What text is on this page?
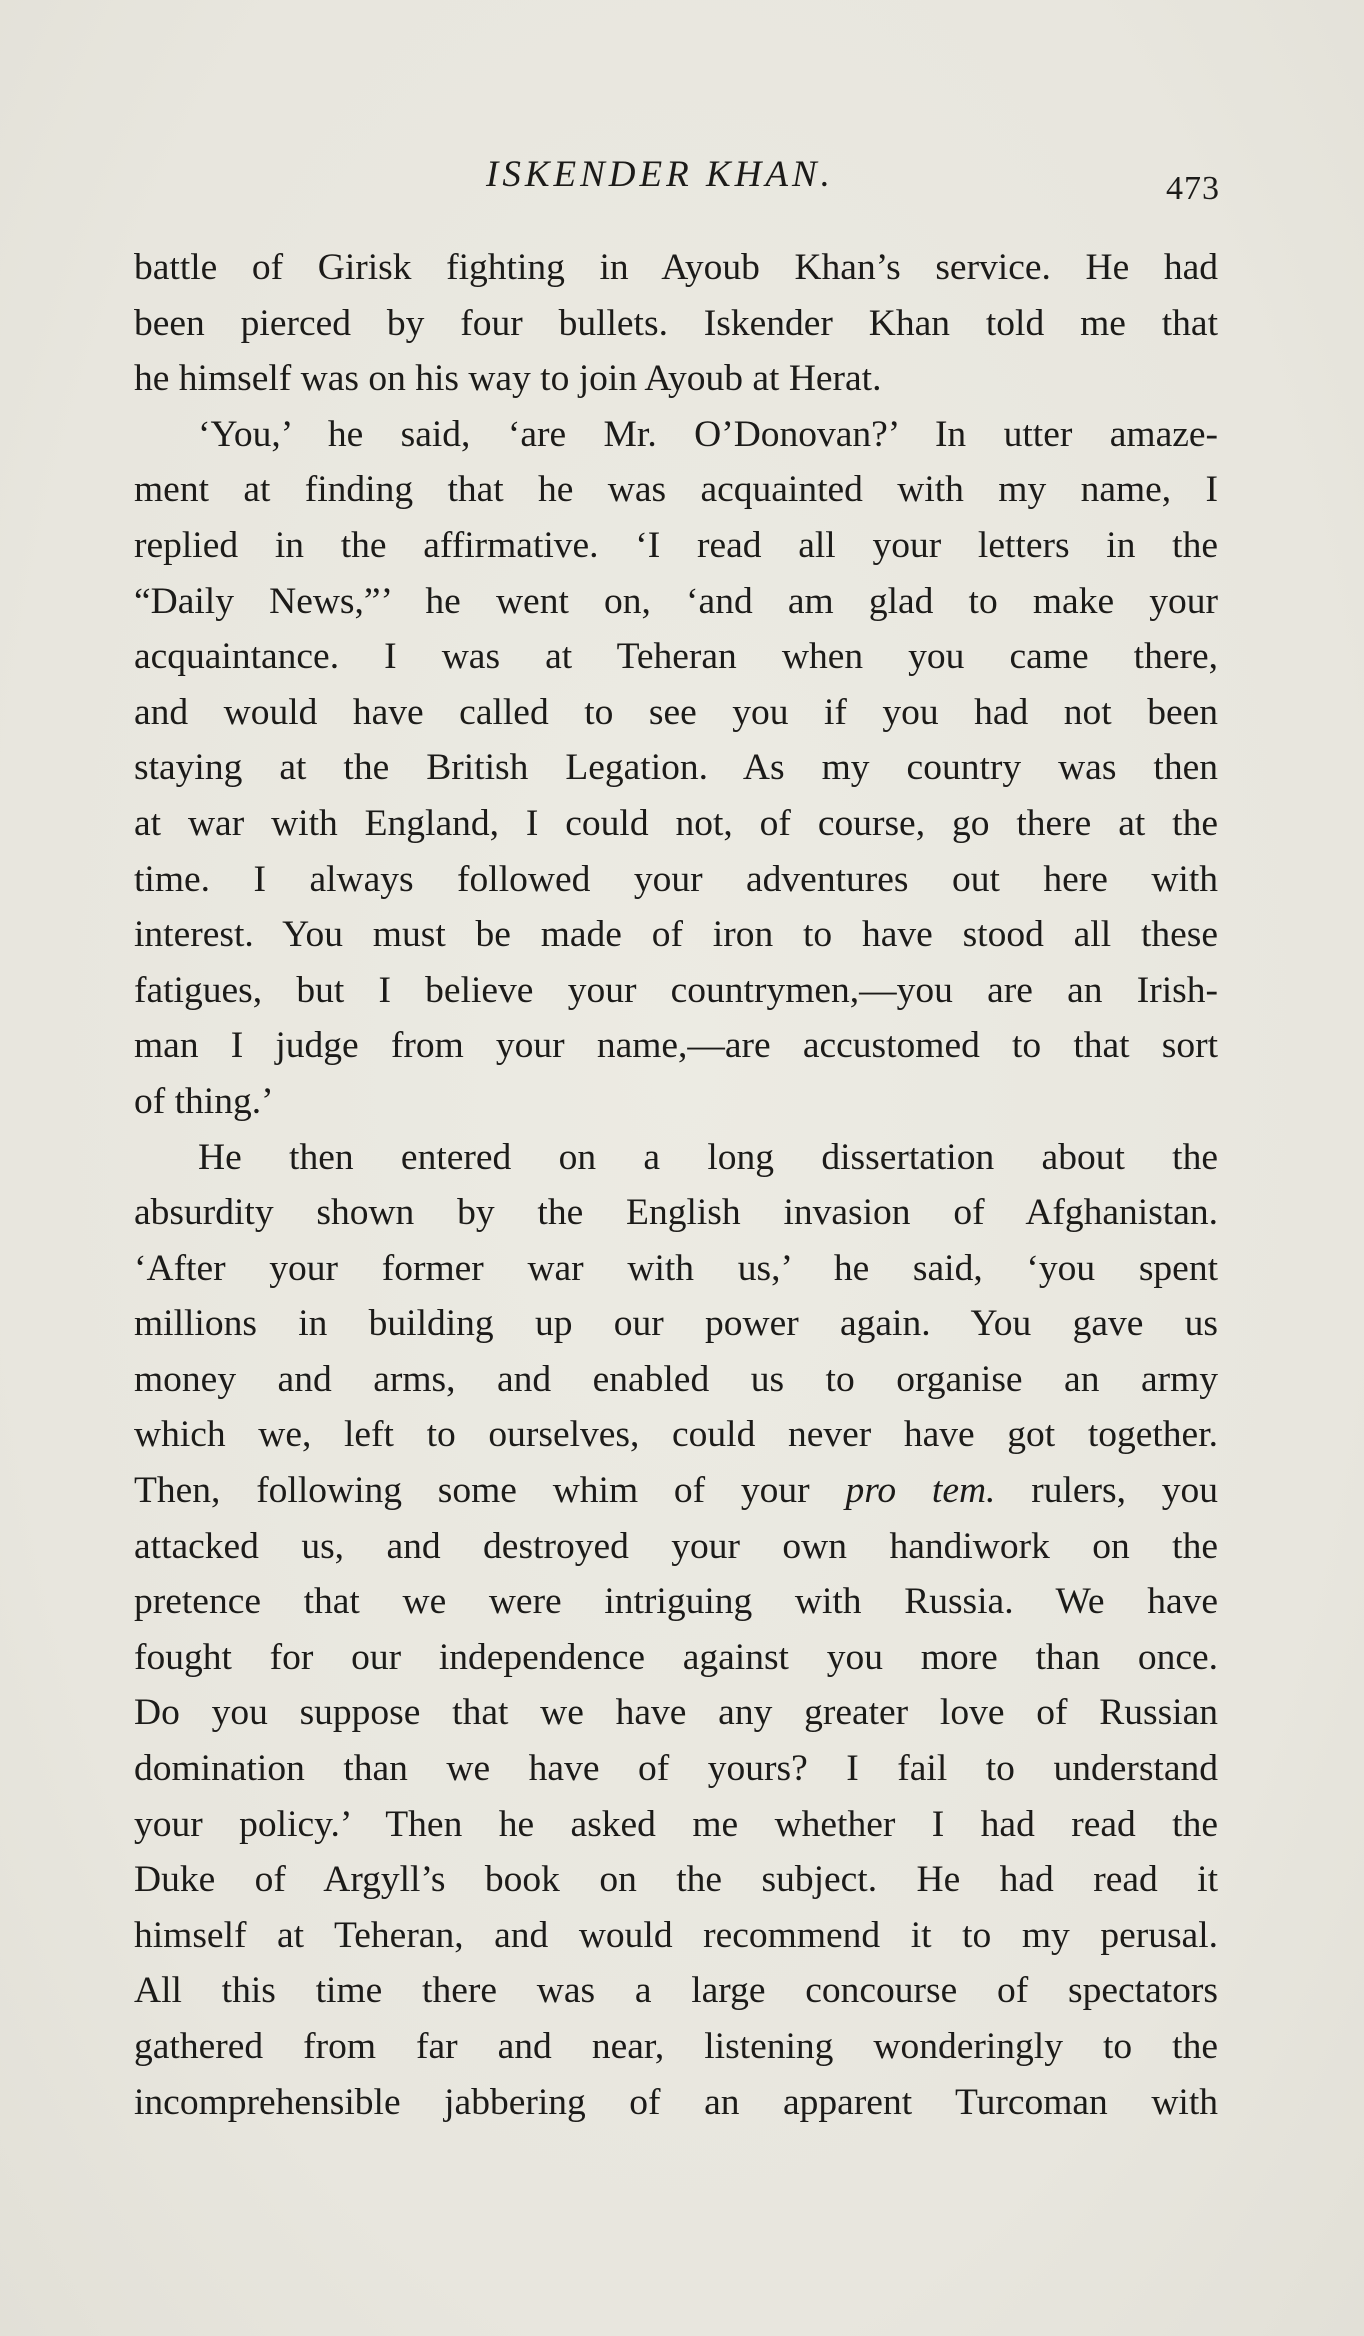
ISKENDER KHAN.	473
battle of Girisk fighting in Ayoub Khan’s service. He had
been pierced by four bullets. Iskender Khan told me that
he himself was on his way to join Ayoub at Herat.
‘You,’ he said, ‘are Mr. O’Donovan?’ In utter amaze-
ment at finding that he was acquainted with my name, I
replied in the affirmative. ‘I read all your letters in the
“Daily News,”’ he went on, ‘and am glad to make your
acquaintance. I was at Teheran when you came there,
and would have called to see you if you had not been
staying at the British Legation. As my country was then
at war with England, I could not, of course, go there at the
time. I always followed your adventures out here with
interest. You must be made of iron to have stood all these
fatigues, but I believe your countrymen,—you are an Irish-
man I judge from your name,—are accustomed to that sort
of thing.’
He then entered on a long dissertation about the
absurdity shown by the English invasion of Afghanistan.
‘After your former war with us,’ he said, ‘you spent
millions in building up our power again. You gave us
money and arms, and enabled us to organise an army
which we, left to ourselves, could never have got together.
Then, following some whim of your pro tem. rulers, you
attacked us, and destroyed your own handiwork on the
pretence that we were intriguing with Russia. We have
fought for our independence against you more than once.
Do you suppose that we have any greater love of Russian
domination than we have of yours? I fail to understand
your policy.’ Then he asked me whether I had read the
Duke of Argyll’s book on the subject. He had read it
himself at Teheran, and would recommend it to my perusal.
All this time there was a large concourse of spectators
gathered from far and near, listening wonderingly to the
incomprehensible jabbering of an apparent Turcoman with
